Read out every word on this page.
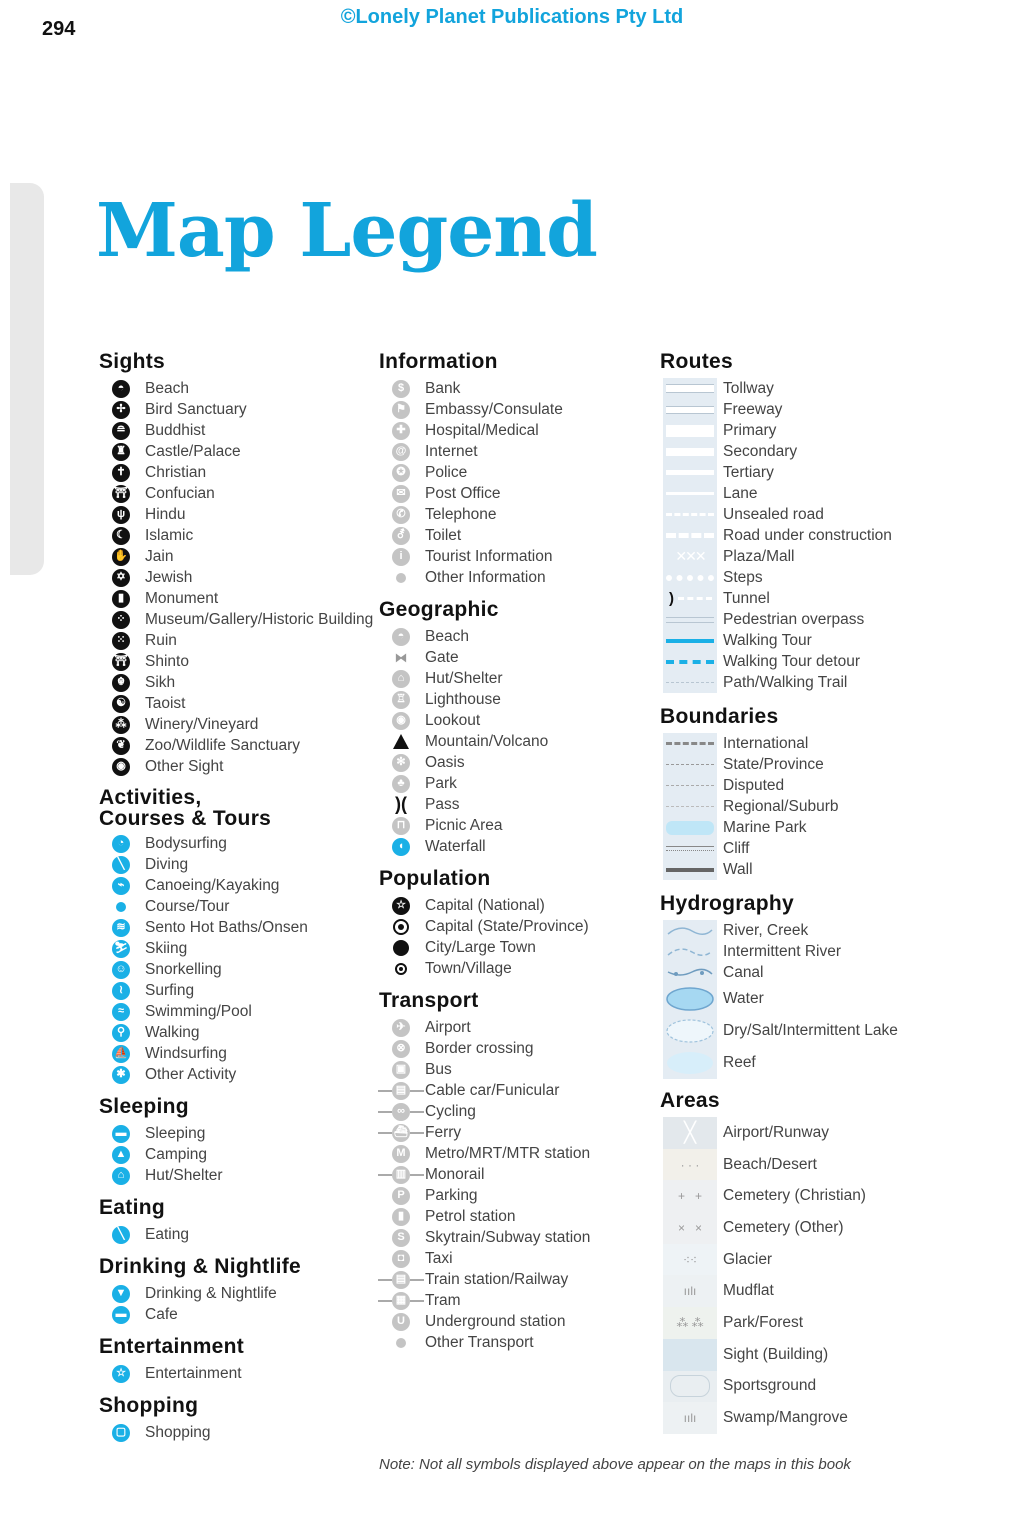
294
©Lonely Planet Publications Pty Ltd
Map Legend
Sights
◓	Beach
✢ Bird Sanctuary
≘ Buddhist
♜ Castle/Palace
✝ Christian
⛩ Confucian
ψ	Hindu
☾ Islamic
✋ Jain
✡ Jewish
▮	Monument
⁘ Museum/Gallery/Historic Building
⁙ Ruin
⛩ Shinto
☬	Sikh
☯ Taoist
⁂ Winery/Vineyard
❦ Zoo/Wildlife Sanctuary
◉ Other Sight
Activities,
Courses & Tours
◔	Bodysurfing
╲	Diving
⌁	Canoeing/Kayaking
Course/Tour
≋ Sento Hot Baths/Onsen
⛷ Skiing
☺ Snorkelling
≀	Surfing
≈	Swimming/Pool
⚲	Walking
⛵ Windsurfing
✱ Other Activity
Sleeping
▬ Sleeping
▲ Camping
⌂	Hut/Shelter
Eating
╲	Eating
Drinking & Nightlife
▼ Drinking & Nightlife
▬ Cafe
Entertainment
☆ Entertainment
Shopping
▢ Shopping
Information
$	Bank
⚑ Embassy/Consulate
✚ Hospital/Medical
@ Internet
✪ Police
✉ Post Office
✆ Telephone
⚦ Toilet
i	Tourist Information
Other Information
Geographic
◓	Beach
⧓ Gate
⌂	Hut/Shelter
♖ Lighthouse
◉ Lookout
Mountain/Volcano
✻ Oasis
♣	Park
)( Pass
⊓	Picnic Area
◖	Waterfall
Population
☆ Capital (National)
Capital (State/Province)
City/Large Town
Town/Village
Transport
✈ Airport
⊗ Border crossing
▣ Bus
▤ Cable car/Funicular
∞	Cycling
⛴ Ferry
M Metro/MRT/MTR station
▥ Monorail
P	Parking
▮	Petrol station
S	Skytrain/Subway station
◘	Taxi
▤ Train station/Railway
▦ Tram
U	Underground station
Other Transport
Routes
Tollway
Freeway
Primary
Secondary
Tertiary
Lane
Unsealed road
Road under construction
✕✕✕	Plaza/Mall
Steps
)	Tunnel
Pedestrian overpass
Walking Tour
Walking Tour detour
Path/Walking Trail
Boundaries
International
State/Province
Disputed
Regional/Suburb
Marine Park
Cliff
Wall
Hydrography
River, Creek
Intermittent River
Canal
Water
Dry/Salt/Intermittent Lake
Reef
Areas
╳	Airport/Runway
· · ·	Beach/Desert
+   +	Cemetery (Christian)
×   ×	Cemetery (Other)
⁖⁖	Glacier
ıılı	Mudflat
⁂ ⁂	Park/Forest
Sight (Building)
Sportsground
ıılı	Swamp/Mangrove
Note: Not all symbols displayed above appear on the maps in this book
